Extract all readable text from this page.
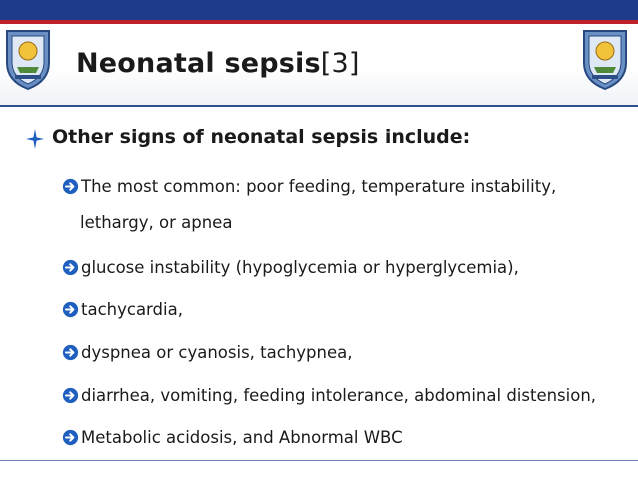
Neonatal sepsis[3]
Other signs of neonatal sepsis include:
The most common: poor feeding, temperature instability,
lethargy, or apnea
glucose instability (hypoglycemia or hyperglycemia),
tachycardia,
dyspnea or cyanosis, tachypnea,
diarrhea, vomiting, feeding intolerance, abdominal distension,
Metabolic acidosis, and Abnormal WBC
